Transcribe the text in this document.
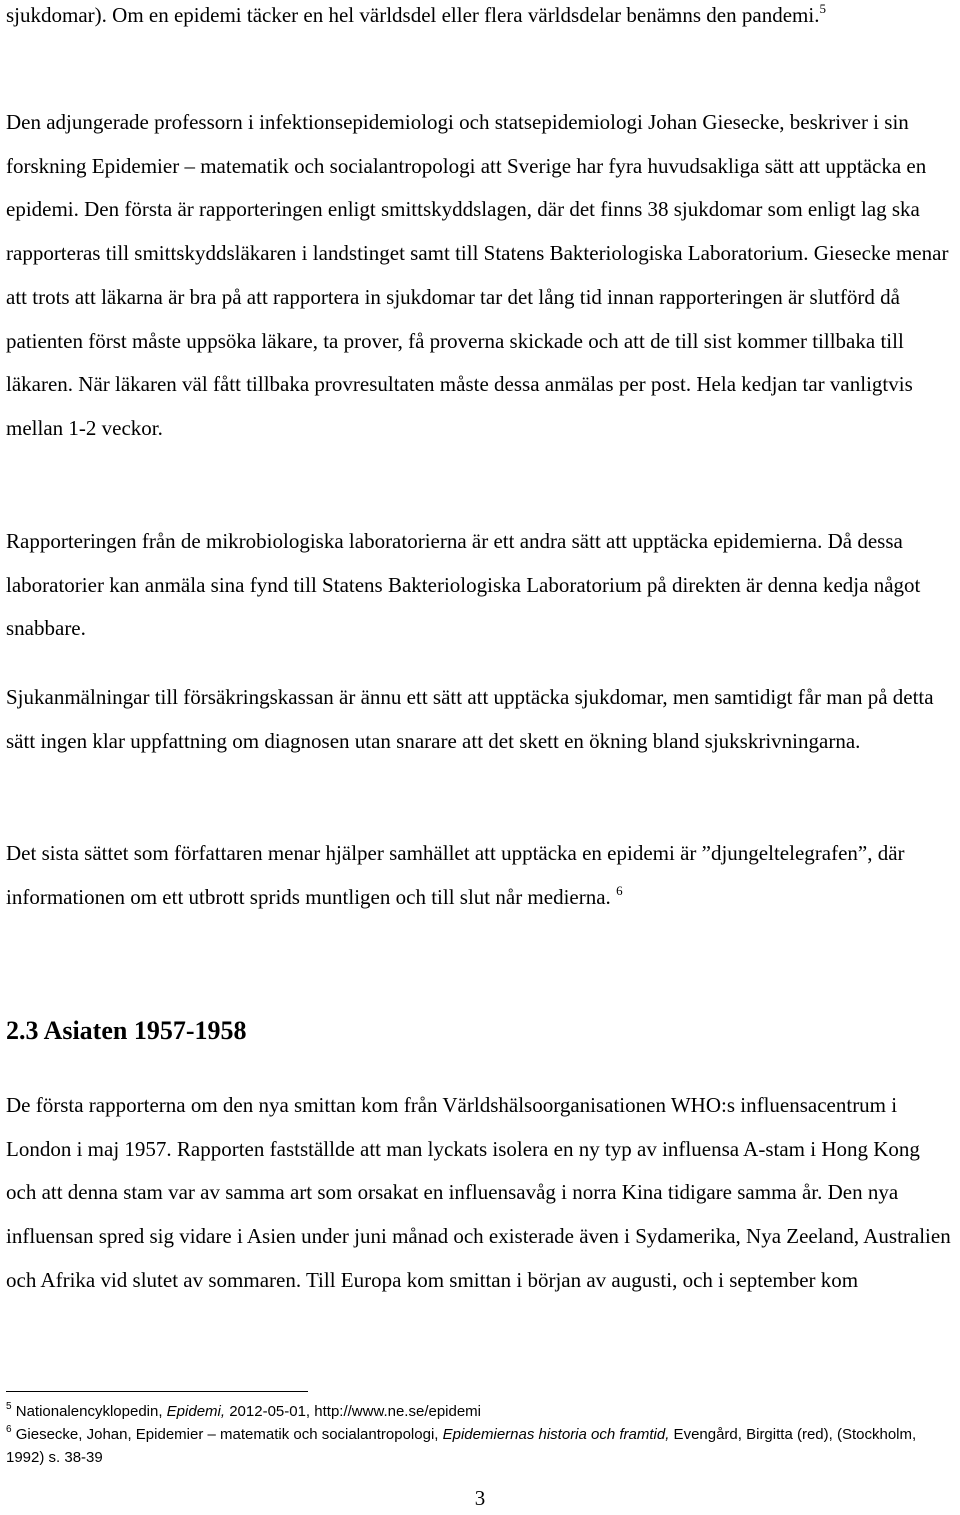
sjukdomar). Om en epidemi täcker en hel världsdel eller flera världsdelar benämns den pandemi.$^5$

Den adjungerade professorn i infektionsepidemiologi och statsepidemiologi Johan Giesecke, beskriver i sin forskning Epidemier – matematik och socialantropologi att Sverige har fyra huvudsakliga sätt att upptäcka en epidemi. Den första är rapporteringen enligt smittskyddslagen, där det finns 38 sjukdomar som enligt lag ska rapporteras till smittskyddsläkaren i landstinget samt till Statens Bakteriologiska Laboratorium. Giesecke menar att trots att läkarna är bra på att rapportera in sjukdomar tar det lång tid innan rapporteringen är slutförd då patienten först måste uppsöka läkare, ta prover, få proverna skickade och att de till sist kommer tillbaka till läkaren. När läkaren väl fått tillbaka provresultaten måste dessa anmälas per post. Hela kedjan tar vanligtvis mellan 1-2 veckor.

Rapporteringen från de mikrobiologiska laboratorierna är ett andra sätt att upptäcka epidemierna. Då dessa laboratorier kan anmäla sina fynd till Statens Bakteriologiska Laboratorium på direkten är denna kedja något snabbare.

Sjukanmälningar till försäkringskassan är ännu ett sätt att upptäcka sjukdomar, men samtidigt får man på detta sätt ingen klar uppfattning om diagnosen utan snarare att det skett en ökning bland sjukskrivningarna.

Det sista sättet som författaren menar hjälper samhället att upptäcka en epidemi är ”djungeltelegrafen”, där informationen om ett utbrott sprids muntligen och till slut når medierna. $^6$

2.3 Asiaten 1957-1958

De första rapporterna om den nya smittan kom från Världshälsoorganisationen WHO:s influensacentrum i London i maj 1957. Rapporten fastställde att man lyckats isolera en ny typ av influensa A-stam i Hong Kong och att denna stam var av samma art som orsakat en influensavåg i norra Kina tidigare samma år. Den nya influensan spred sig vidare i Asien under juni månad och existerade även i Sydamerika, Nya Zeeland, Australien och Afrika vid slutet av sommaren. Till Europa kom smittan i början av augusti, och i september kom

$^5$ Nationalencyklopedin, Epidemi, 2012-05-01, http://www.ne.se/epidemi

$^6$ Giesecke, Johan, Epidemier – matematik och socialantropologi, Epidemiernas historia och framtid, Evengård, Birgitta (red), (Stockholm, 1992) s. 38-39

3
